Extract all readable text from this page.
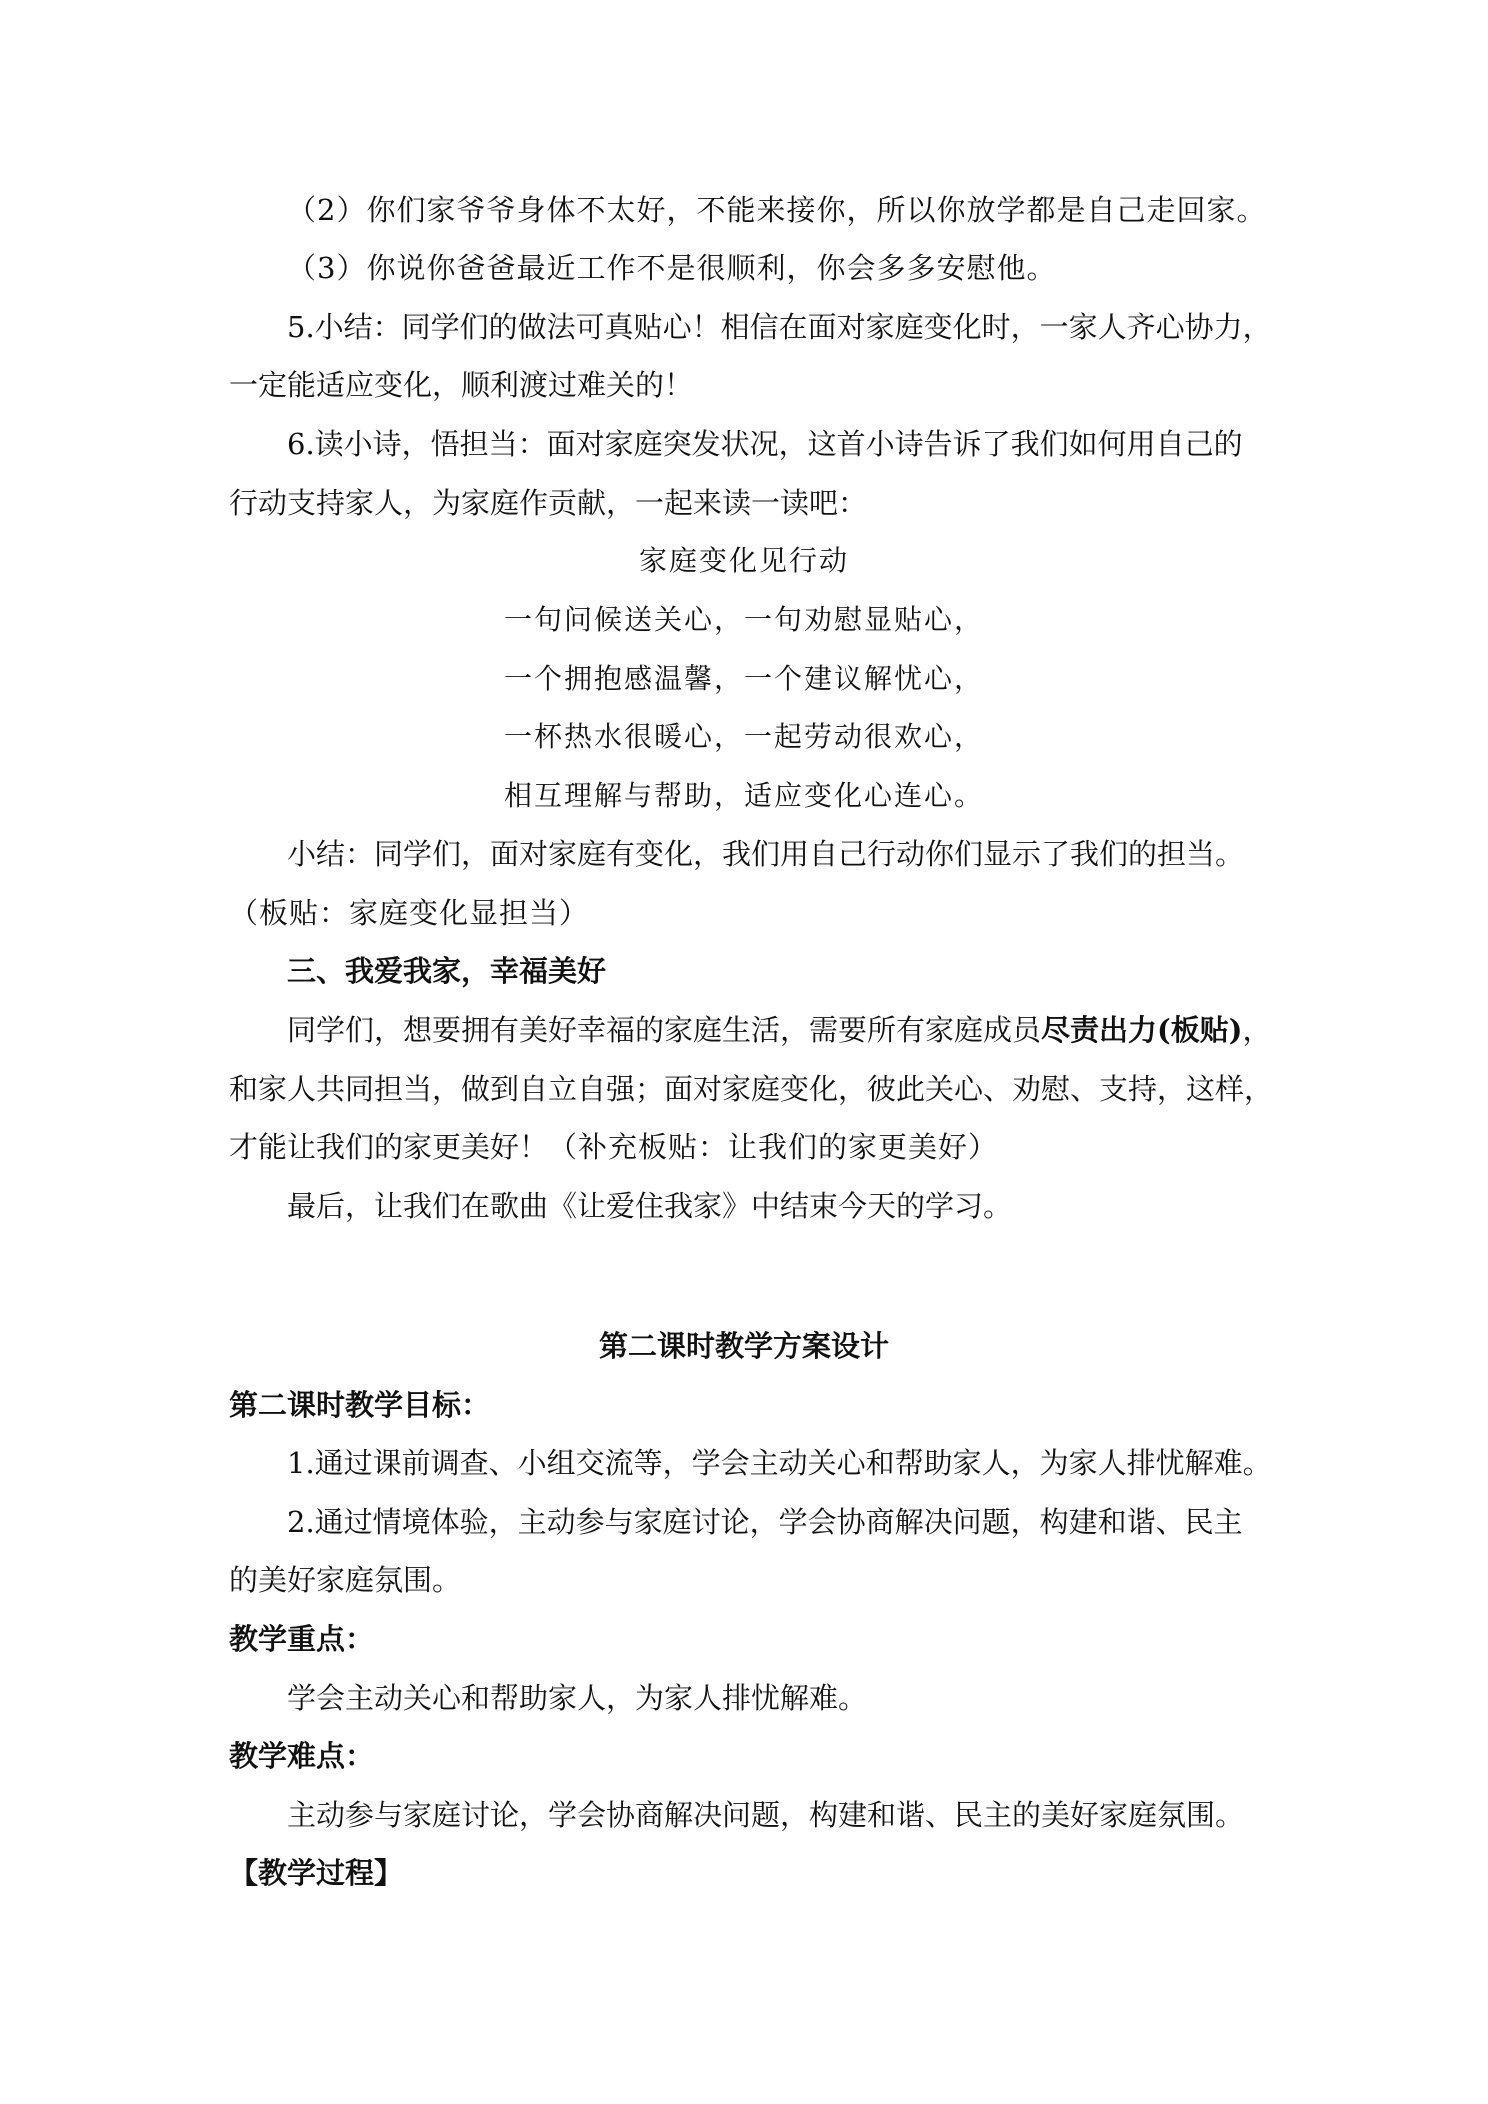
（2）你们家爷爷身体不太好，不能来接你，所以你放学都是自己走回家。
（3）你说你爸爸最近工作不是很顺利，你会多多安慰他。
5.小结：同学们的做法可真贴心！相信在面对家庭变化时，一家人齐心协力，
一定能适应变化，顺利渡过难关的！
6.读小诗，悟担当：面对家庭突发状况，这首小诗告诉了我们如何用自己的
行动支持家人，为家庭作贡献，一起来读一读吧：
家庭变化见行动
一句问候送关心，一句劝慰显贴心，
一个拥抱感温馨，一个建议解忧心，
一杯热水很暖心，一起劳动很欢心，
相互理解与帮助，适应变化心连心。
小结：同学们，面对家庭有变化，我们用自己行动你们显示了我们的担当。
（板贴：家庭变化显担当）
三、我爱我家，幸福美好
同学们，想要拥有美好幸福的家庭生活，需要所有家庭成员尽责出力(板贴)，
和家人共同担当，做到自立自强；面对家庭变化，彼此关心、劝慰、支持，这样，
才能让我们的家更美好！（补充板贴：让我们的家更美好）
最后，让我们在歌曲《让爱住我家》中结束今天的学习。
第二课时教学方案设计
第二课时教学目标：
1.通过课前调查、小组交流等，学会主动关心和帮助家人，为家人排忧解难。
2.通过情境体验，主动参与家庭讨论，学会协商解决问题，构建和谐、民主
的美好家庭氛围。
教学重点：
学会主动关心和帮助家人，为家人排忧解难。
教学难点：
主动参与家庭讨论，学会协商解决问题，构建和谐、民主的美好家庭氛围。
【教学过程】
